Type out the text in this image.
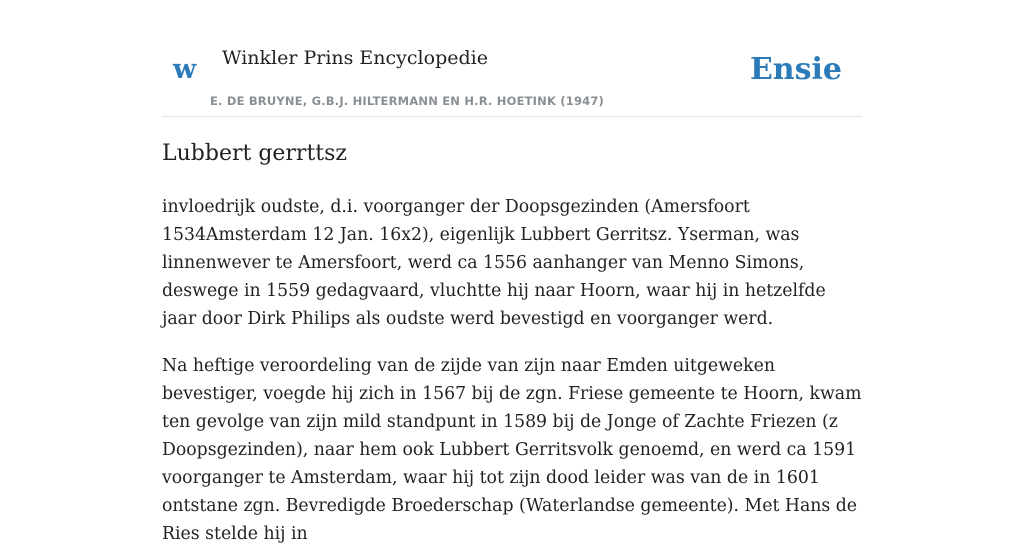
w Winkler Prins Encyclopedie
E. DE BRUYNE, G.B.J. HILTERMANN EN H.R. HOETINK (1947)
Ensie
Lubbert gerrttsz

invloedrijk oudste, d.i. voorganger der Doopsgezinden (Amersfoort 1534Amsterdam 12 Jan. 16x2), eigenlijk Lubbert Gerritsz. Yserman, was linnenwever te Amersfoort, werd ca 1556 aanhanger van Menno Simons, deswege in 1559 gedagvaard, vluchtte hij naar Hoorn, waar hij in hetzelfde jaar door Dirk Philips als oudste werd bevestigd en voorganger werd.

Na heftige veroordeling van de zijde van zijn naar Emden uitgeweken bevestiger, voegde hij zich in 1567 bij de zgn. Friese gemeente te Hoorn, kwam ten gevolge van zijn mild standpunt in 1589 bij de Jonge of Zachte Friezen (z Doopsgezinden), naar hem ook Lubbert Gerritsvolk genoemd, en werd ca 1591 voorganger te Amsterdam, waar hij tot zijn dood leider was van de in 1601 ontstane zgn. Bevredigde Broederschap (Waterlandse gemeente). Met Hans de Ries stelde hij in
